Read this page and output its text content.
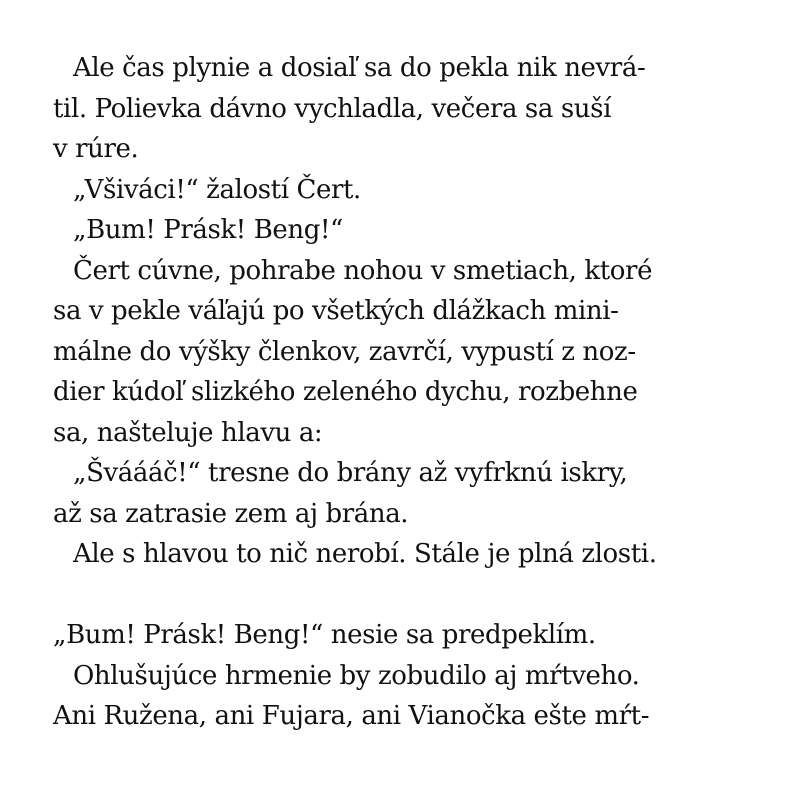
Ale čas plynie a dosiaľ sa do pekla nik nevrá-
til. Polievka dávno vychladla, večera sa suší
v rúre.
„Všiváci!“ žalostí Čert.
„Bum! Prásk! Beng!“
Čert cúvne, pohrabe nohou v smetiach, ktoré
sa v pekle váľajú po všetkých dlážkach mini-
málne do výšky členkov, zavrčí, vypustí z noz-
dier kúdoľ slizkého zeleného dychu, rozbehne
sa, našteluje hlavu a:
„Šváááč!“ tresne do brány až vyfrknú iskry,
až sa zatrasie zem aj brána.
Ale s hlavou to nič nerobí. Stále je plná zlosti.
„Bum! Prásk! Beng!“ nesie sa predpeklím.
Ohlušujúce hrmenie by zobudilo aj mŕtveho.
Ani Ružena, ani Fujara, ani Vianočka ešte mŕt-
